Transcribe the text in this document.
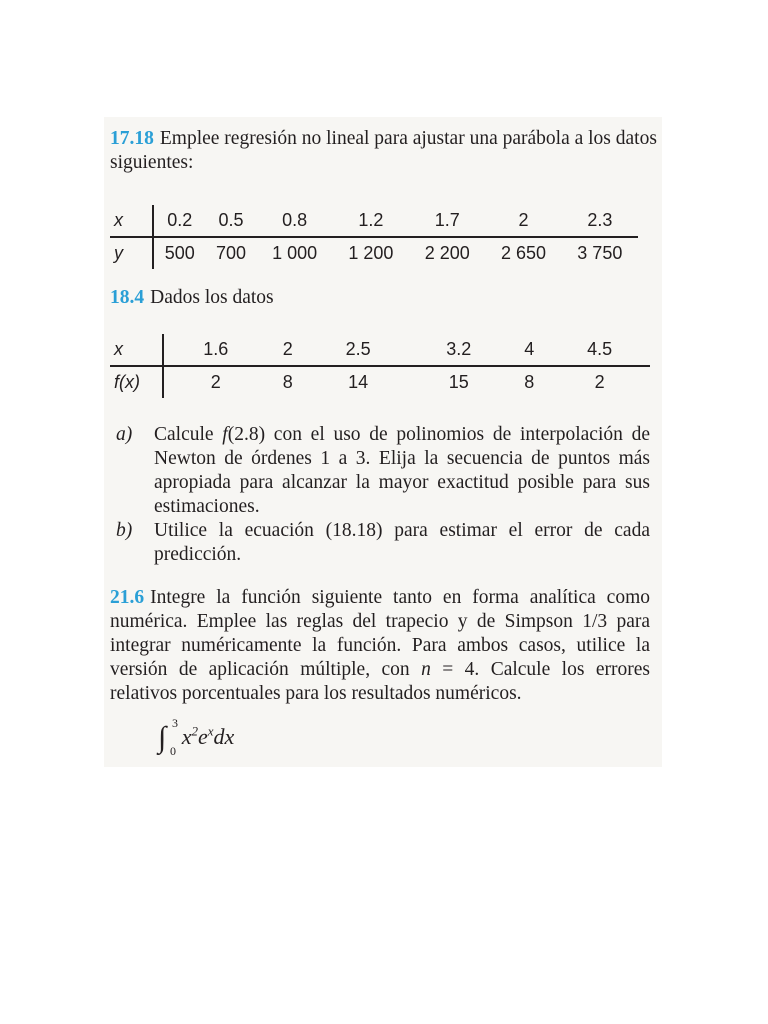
17.18 Emplee regresión no lineal para ajustar una parábola a los datos siguientes:

x	0.2	0.5	0.8	1.2	1.7	2	2.3
y	500	700	1 000	1 200	2 200	2 650	3 750

18.4 Dados los datos

x	1.6	2	2.5	3.2	4	4.5
f(x)	2	8	14	15	8	2
a)	Calcule f(2.8) con el uso de polinomios de interpolación de Newton de órdenes 1 a 3. Elija la secuencia de puntos más apropiada para alcanzar la mayor exactitud posible para sus estimaciones.
b)	Utilice la ecuación (18.18) para estimar el error de cada predicción.

21.6 Integre la función siguiente tanto en forma analítica como numérica. Emplee las reglas del trapecio y de Simpson 1/3 para integrar numéricamente la función. Para ambos casos, utilice la versión de aplicación múltiple, con n = 4. Calcule los errores relativos porcentuales para los resultados numéricos.

∫ 3
0
$x^2e^xdx$
